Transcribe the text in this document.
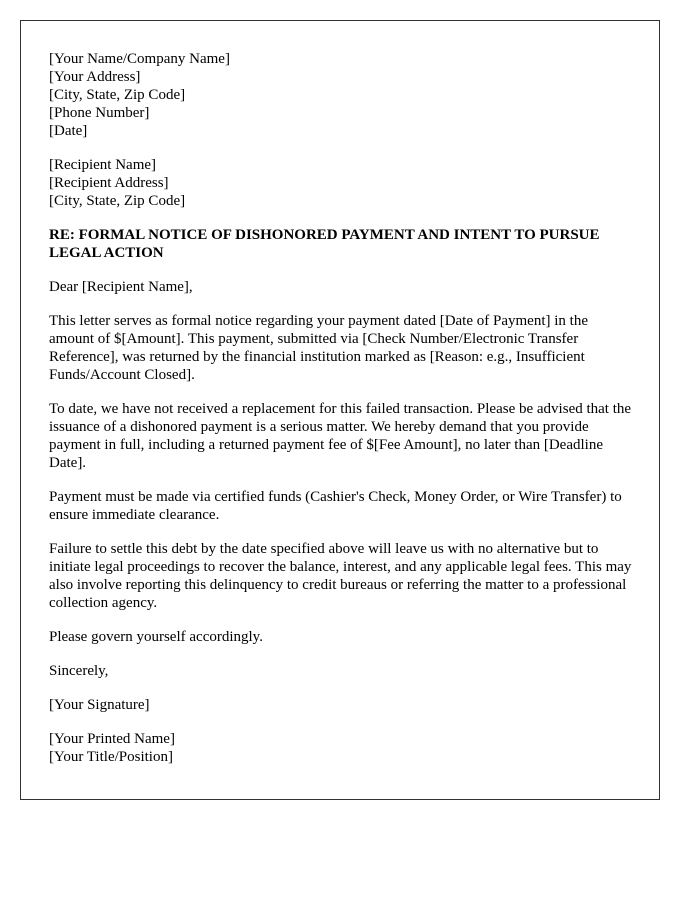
[Your Name/Company Name]
[Your Address]
[City, State, Zip Code]
[Phone Number]
[Date]
[Recipient Name]
[Recipient Address]
[City, State, Zip Code]
RE: FORMAL NOTICE OF DISHONORED PAYMENT AND INTENT TO PURSUE LEGAL ACTION

Dear [Recipient Name],

This letter serves as formal notice regarding your payment dated [Date of Payment] in the amount of $[Amount]. This payment, submitted via [Check Number/Electronic Transfer Reference], was returned by the financial institution marked as [Reason: e.g., Insufficient Funds/Account Closed].

To date, we have not received a replacement for this failed transaction. Please be advised that the issuance of a dishonored payment is a serious matter. We hereby demand that you provide payment in full, including a returned payment fee of $[Fee Amount], no later than [Deadline Date].

Payment must be made via certified funds (Cashier's Check, Money Order, or Wire Transfer) to ensure immediate clearance.

Failure to settle this debt by the date specified above will leave us with no alternative but to initiate legal proceedings to recover the balance, interest, and any applicable legal fees. This may also involve reporting this delinquency to credit bureaus or referring the matter to a professional collection agency.

Please govern yourself accordingly.

Sincerely,

[Your Signature]

[Your Printed Name]
[Your Title/Position]
